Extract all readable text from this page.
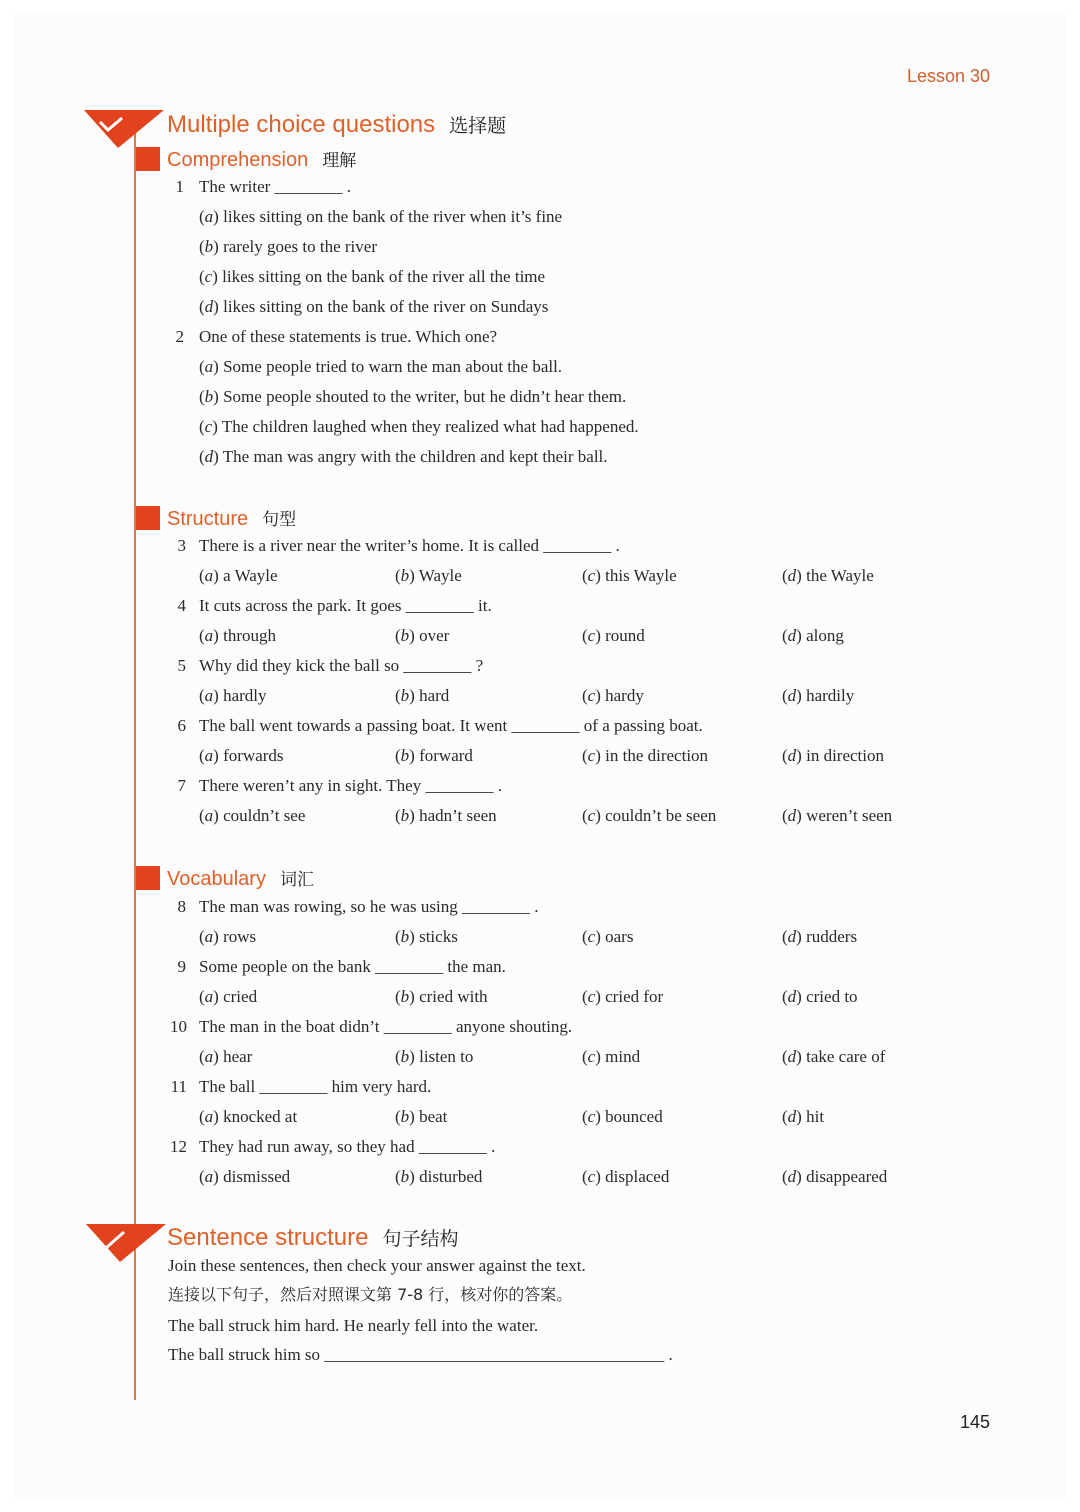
Lesson 30
Multiple choice questions 选择题
Comprehension 理解
1 The writer ________ .
(a) likes sitting on the bank of the river when it’s fine
(b) rarely goes to the river
(c) likes sitting on the bank of the river all the time
(d) likes sitting on the bank of the river on Sundays
2 One of these statements is true. Which one?
(a) Some people tried to warn the man about the ball.
(b) Some people shouted to the writer, but he didn’t hear them.
(c) The children laughed when they realized what had happened.
(d) The man was angry with the children and kept their ball.
Structure 句型
3 There is a river near the writer’s home. It is called ________ .
(a) a Wayle	(b) Wayle	(c) this Wayle	(d) the Wayle
4 It cuts across the park. It goes ________ it.
(a) through	(b) over	(c) round	(d) along
5 Why did they kick the ball so ________ ?
(a) hardly	(b) hard	(c) hardy	(d) hardily
6 The ball went towards a passing boat. It went ________ of a passing boat.
(a) forwards	(b) forward	(c) in the direction	(d) in direction
7 There weren’t any in sight. They ________ .
(a) couldn’t see	(b) hadn’t seen	(c) couldn’t be seen	(d) weren’t seen
Vocabulary 词汇
8 The man was rowing, so he was using ________ .
(a) rows	(b) sticks	(c) oars	(d) rudders
9 Some people on the bank ________ the man.
(a) cried	(b) cried with	(c) cried for	(d) cried to
10 The man in the boat didn’t ________ anyone shouting.
(a) hear	(b) listen to	(c) mind	(d) take care of
11 The ball ________ him very hard.
(a) knocked at	(b) beat	(c) bounced	(d) hit
12 They had run away, so they had ________ .
(a) dismissed	(b) disturbed	(c) displaced	(d) disappeared
Sentence structure 句子结构
Join these sentences, then check your answer against the text.
连接以下句子，然后对照课文第 7-8 行，核对你的答案。
The ball struck him hard. He nearly fell into the water.
The ball struck him so ________________________________________ .
145
